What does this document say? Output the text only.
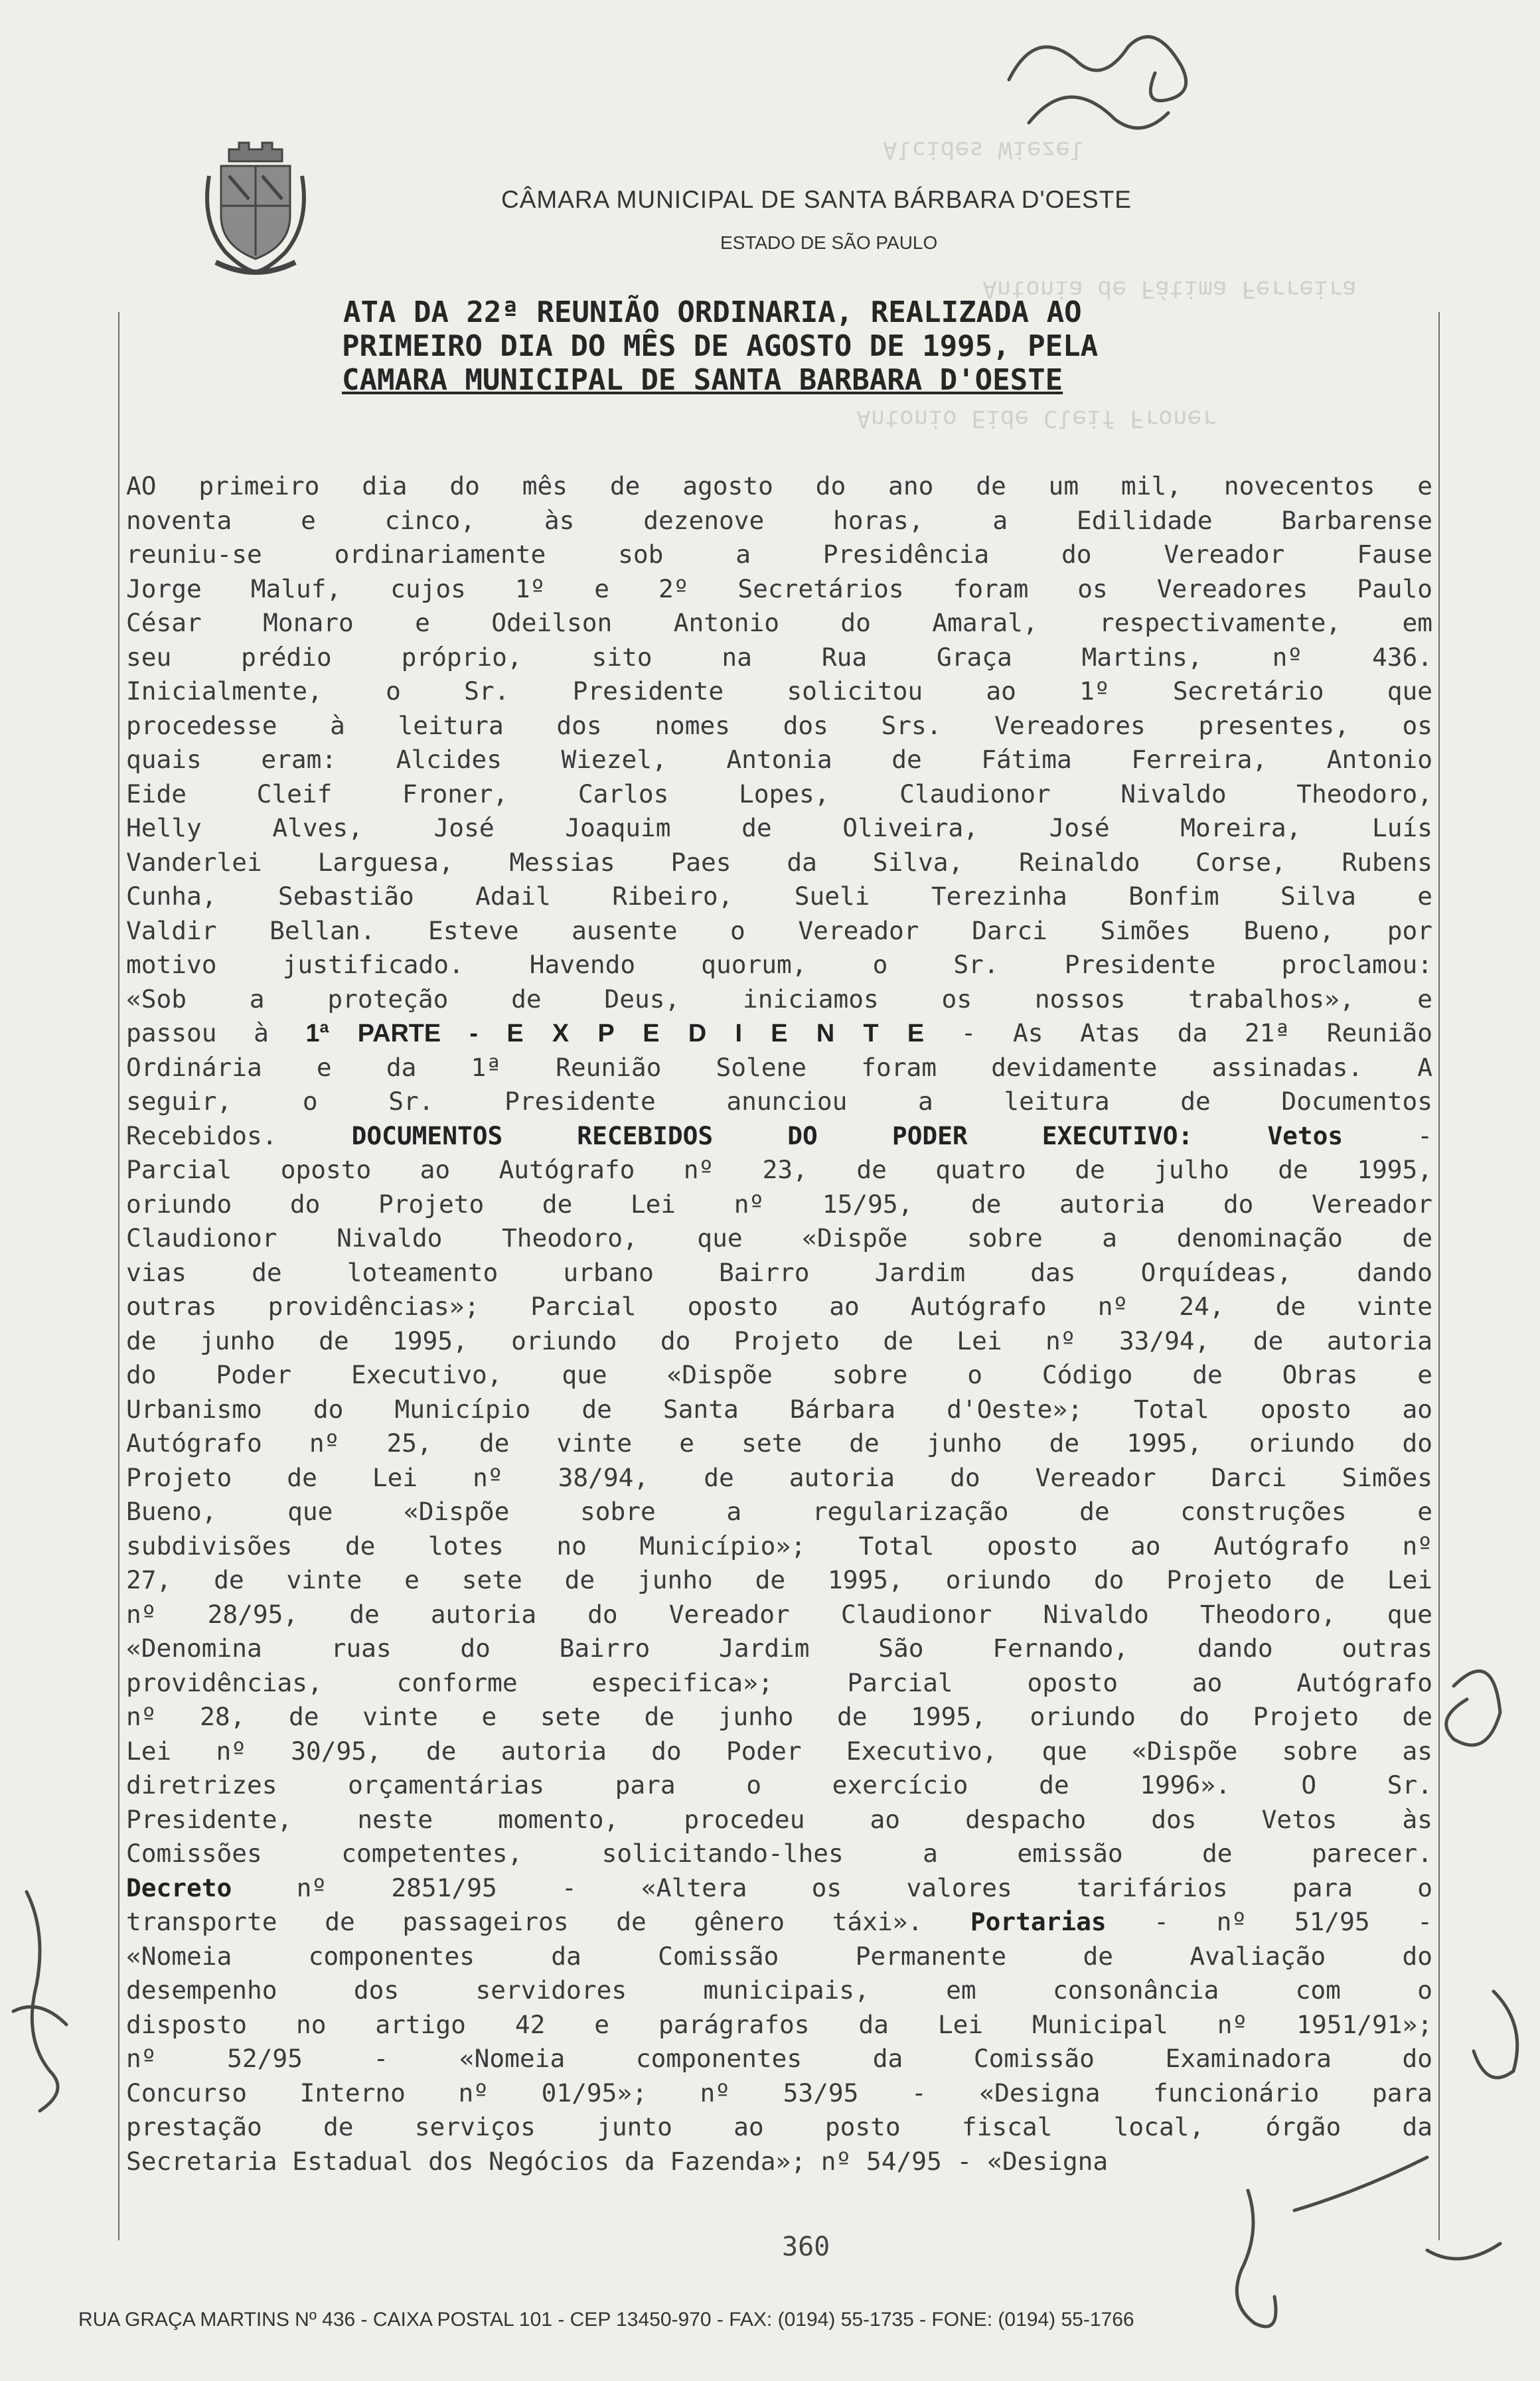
Alcides Wiezel
Antonia de Fátima Ferreira
Antonio Eide Cleif Froner
CÂMARA MUNICIPAL DE SANTA BÁRBARA D'OESTE
ESTADO DE SÃO PAULO
ATA DA 22ª REUNIÃO ORDINARIA, REALIZADA AO
PRIMEIRO DIA DO MÊS DE AGOSTO DE 1995, PELA
CAMARA MUNICIPAL DE SANTA BARBARA D'OESTE
AO primeiro dia do mês de agosto do ano de um mil, novecentos e
noventa e cinco, às dezenove horas, a Edilidade Barbarense
reuniu-se ordinariamente sob a Presidência do Vereador Fause
Jorge Maluf, cujos 1º e 2º Secretários foram os Vereadores Paulo
César Monaro e Odeilson Antonio do Amaral, respectivamente, em
seu prédio próprio, sito na Rua Graça Martins, nº 436.
Inicialmente, o Sr. Presidente solicitou ao 1º Secretário que
procedesse à leitura dos nomes dos Srs. Vereadores presentes, os
quais eram: Alcides Wiezel, Antonia de Fátima Ferreira, Antonio
Eide Cleif Froner, Carlos Lopes, Claudionor Nivaldo Theodoro,
Helly Alves, José Joaquim de Oliveira, José Moreira, Luís
Vanderlei Larguesa, Messias Paes da Silva, Reinaldo Corse, Rubens
Cunha, Sebastião Adail Ribeiro, Sueli Terezinha Bonfim Silva e
Valdir Bellan. Esteve ausente o Vereador Darci Simões Bueno, por
motivo justificado. Havendo quorum, o Sr. Presidente proclamou:
«Sob a proteção de Deus, iniciamos os nossos trabalhos», e
passou à 1ª PARTE - E X P E D I E N T E - As Atas da 21ª Reunião
Ordinária e da 1ª Reunião Solene foram devidamente assinadas. A
seguir, o Sr. Presidente anunciou a leitura de Documentos
Recebidos. DOCUMENTOS RECEBIDOS DO PODER EXECUTIVO: Vetos -
Parcial oposto ao Autógrafo nº 23, de quatro de julho de 1995,
oriundo do Projeto de Lei nº 15/95, de autoria do Vereador
Claudionor Nivaldo Theodoro, que «Dispõe sobre a denominação de
vias de loteamento urbano Bairro Jardim das Orquídeas, dando
outras providências»; Parcial oposto ao Autógrafo nº 24, de vinte
de junho de 1995, oriundo do Projeto de Lei nº 33/94, de autoria
do Poder Executivo, que «Dispõe sobre o Código de Obras e
Urbanismo do Município de Santa Bárbara d'Oeste»; Total oposto ao
Autógrafo nº 25, de vinte e sete de junho de 1995, oriundo do
Projeto de Lei nº 38/94, de autoria do Vereador Darci Simões
Bueno, que «Dispõe sobre a regularização de construções e
subdivisões de lotes no Município»; Total oposto ao Autógrafo nº
27, de vinte e sete de junho de 1995, oriundo do Projeto de Lei
nº 28/95, de autoria do Vereador Claudionor Nivaldo Theodoro, que
«Denomina ruas do Bairro Jardim São Fernando, dando outras
providências, conforme especifica»; Parcial oposto ao Autógrafo
nº 28, de vinte e sete de junho de 1995, oriundo do Projeto de
Lei nº 30/95, de autoria do Poder Executivo, que «Dispõe sobre as
diretrizes orçamentárias para o exercício de 1996». O Sr.
Presidente, neste momento, procedeu ao despacho dos Vetos às
Comissões competentes, solicitando-lhes a emissão de parecer.
Decreto nº 2851/95 - «Altera os valores tarifários para o
transporte de passageiros de gênero táxi». Portarias - nº 51/95 -
«Nomeia componentes da Comissão Permanente de Avaliação do
desempenho dos servidores municipais, em consonância com o
disposto no artigo 42 e parágrafos da Lei Municipal nº 1951/91»;
nº 52/95 - «Nomeia componentes da Comissão Examinadora do
Concurso Interno nº 01/95»; nº 53/95 - «Designa funcionário para
prestação de serviços junto ao posto fiscal local, órgão da
Secretaria Estadual dos Negócios da Fazenda»; nº 54/95 - «Designa
360
RUA GRAÇA MARTINS Nº 436 - CAIXA POSTAL 101 - CEP 13450-970 - FAX: (0194) 55-1735 - FONE: (0194) 55-1766
